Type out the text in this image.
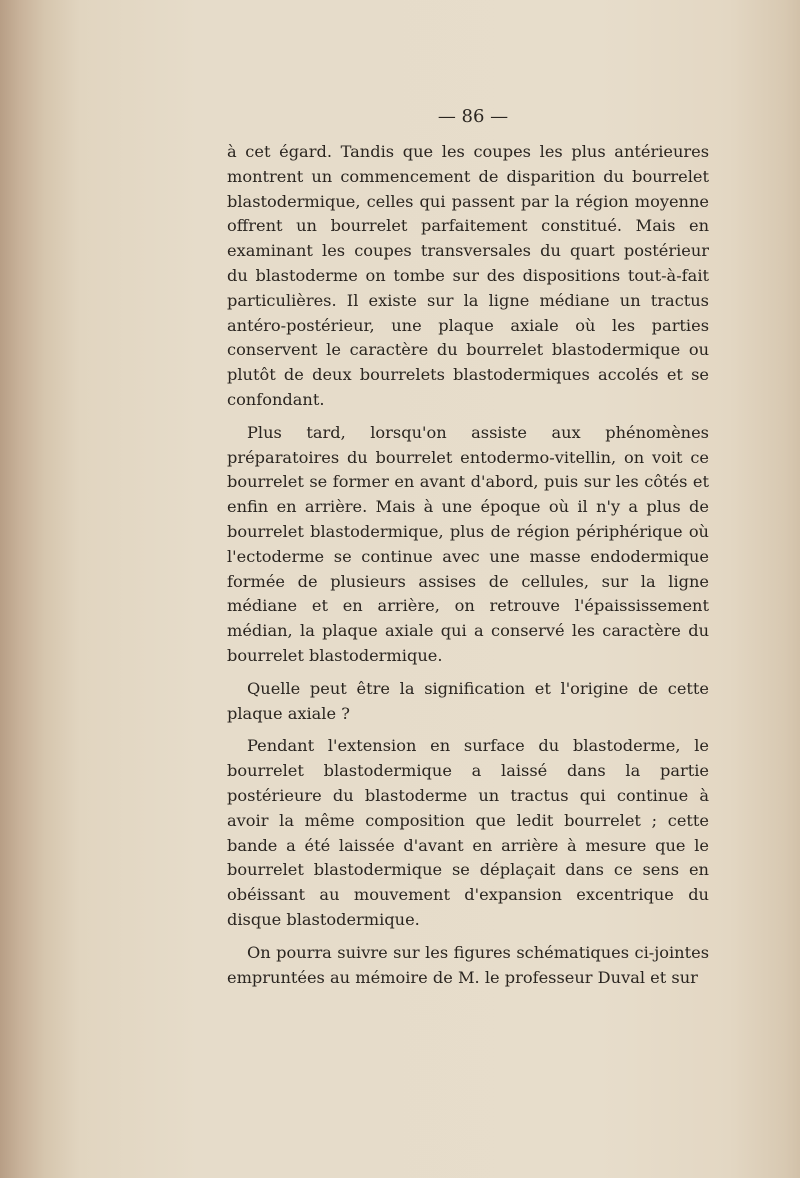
— 86 —

à cet égard. Tandis que les coupes les plus antérieures montrent un commencement de disparition du bourrelet blastodermique, celles qui passent par la région moyenne offrent un bourrelet parfaitement constitué. Mais en examinant les coupes transversales du quart postérieur du blastoderme on tombe sur des dispositions tout-à-fait particulières. Il existe sur la ligne médiane un tractus antéro-postérieur, une plaque axiale où les parties conservent le caractère du bourrelet blastodermique ou plutôt de deux bourrelets blastodermiques accolés et se confondant.

Plus tard, lorsqu'on assiste aux phénomènes préparatoires du bourrelet entodermo-vitellin, on voit ce bourrelet se former en avant d'abord, puis sur les côtés et enfin en arrière. Mais à une époque où il n'y a plus de bourrelet blastodermique, plus de région périphérique où l'ectoderme se continue avec une masse endodermique formée de plusieurs assises de cellules, sur la ligne médiane et en arrière, on retrouve l'épaississement médian, la plaque axiale qui a conservé les caractère du bourrelet blastodermique.

Quelle peut être la signification et l'origine de cette plaque axiale ?

Pendant l'extension en surface du blastoderme, le bourrelet blastodermique a laissé dans la partie postérieure du blastoderme un tractus qui continue à avoir la même composition que ledit bourrelet ; cette bande a été laissée d'avant en arrière à mesure que le bourrelet blastodermique se déplaçait dans ce sens en obéissant au mouvement d'expansion excentrique du disque blastodermique.

On pourra suivre sur les figures schématiques ci-jointes empruntées au mémoire de M. le professeur Duval et sur
